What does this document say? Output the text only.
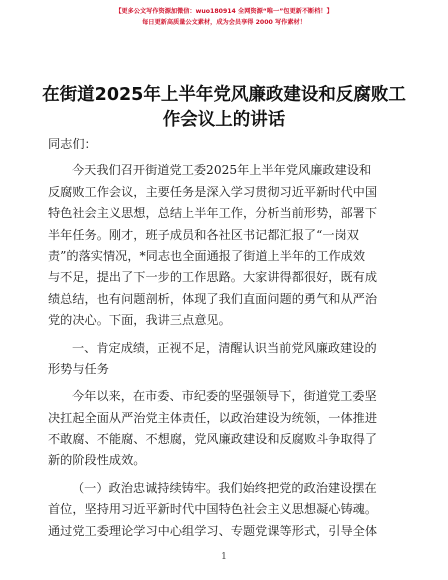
【更多公文写作资源加微信：wuo180914 全网资源“唯一”包更新不断档！】
每日更新高质量公文素材，成为会员享得 2000 写作素材！
在街道2025年上半年党风廉政建设和反腐败工
作会议上的讲话
同志们：
今天我们召开街道党工委2025年上半年党风廉政建设和
反腐败工作会议，主要任务是深入学习贯彻习近平新时代中国
特色社会主义思想，总结上半年工作，分析当前形势，部署下
半年任务。刚才，班子成员和各社区书记都汇报了“一岗双
责”的落实情况，*同志也全面通报了街道上半年的工作成效
与不足，提出了下一步的工作思路。大家讲得都很好，既有成
绩总结，也有问题剖析，体现了我们直面问题的勇气和从严治
党的决心。下面，我讲三点意见。
一、肯定成绩，正视不足，清醒认识当前党风廉政建设的
形势与任务
今年以来，在市委、市纪委的坚强领导下，街道党工委坚
决扛起全面从严治党主体责任，以政治建设为统领，一体推进
不敢腐、不能腐、不想腐，党风廉政建设和反腐败斗争取得了
新的阶段性成效。
（一）政治忠诚持续铸牢。我们始终把党的政治建设摆在
首位，坚持用习近平新时代中国特色社会主义思想凝心铸魂。
通过党工委理论学习中心组学习、专题党课等形式，引导全体
1
